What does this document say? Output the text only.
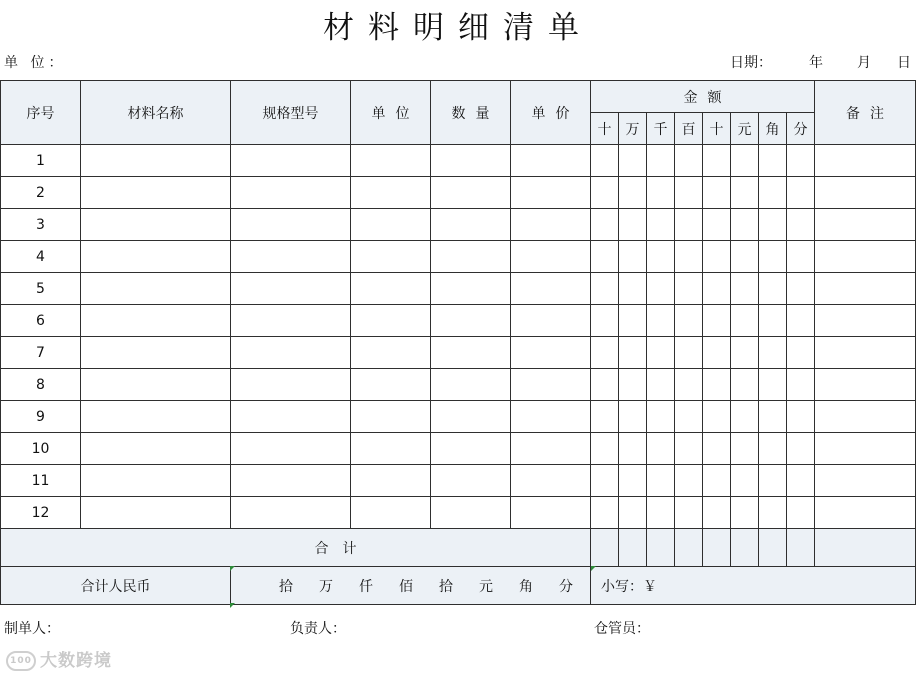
材料明细清单
单 位：	日期：	年 月 日
序号	材料名称	规格型号	单位	数量	单价	金额								备注
						十	万	千	百	十	元	角	分	
1														
2														
3														
4														
5														
6														
7														
8														
9														
10														
11														
12														
合　计														
合计人民币		拾 万 仟 佰 拾 元 角 分				小写：￥								
制单人：	负责人：	仓管员：
100 大数跨境
